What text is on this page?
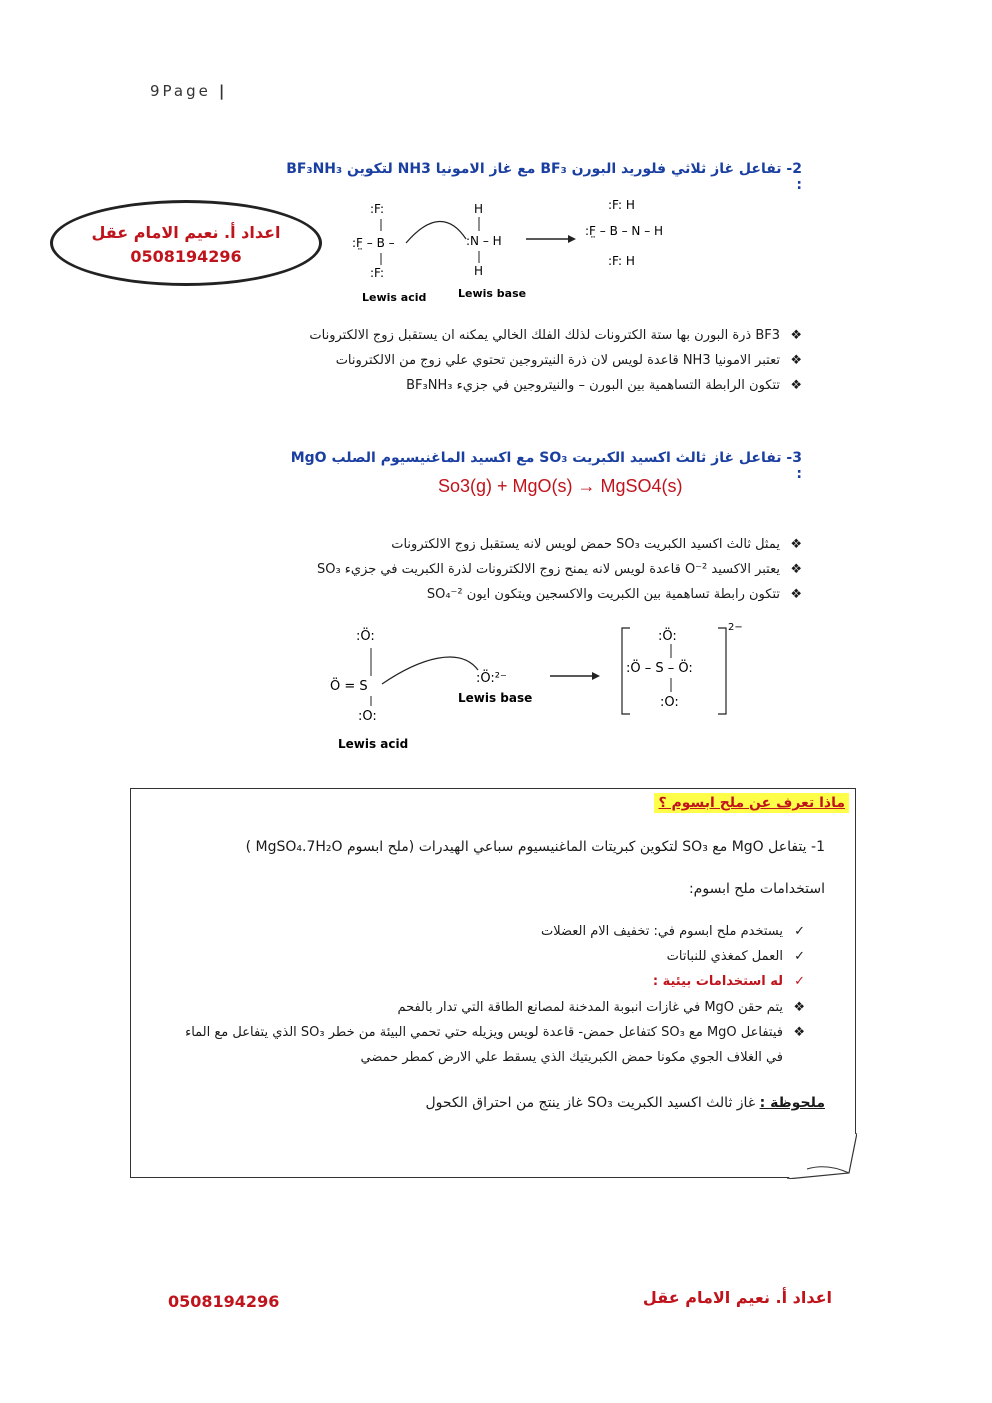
9Page |
اعداد أ. نعيم الامام عقل
0508194296
2- تفاعل غاز ثلاثي فلوريد البورن BF₃ مع غاز الامونيا NH3 لتكوين BF₃NH₃ :
:F:
:F̤ – B –
:F:
H
:N – H
H
:F: H
:F̤ – B – N – H
:F: H
Lewis acid	Lewis base
❖
BF3 ذرة البورن بها ستة الكترونات لذلك الفلك الخالي يمكنه ان يستقبل زوج الالكترونات
❖
تعتبر الامونيا NH3 قاعدة لويس لان ذرة النيتروجين تحتوي علي زوج من الالكترونات
❖
تتكون الرابطة التساهمية بين البورن – والنيتروجين في جزيء BF₃NH₃
3- تفاعل غاز ثالث اكسيد الكبريت SO₃ مع اكسيد الماغنيسيوم الصلب MgO :
So3(g) + MgO(s) → MgSO4(s)
❖
يمثل ثالث اكسيد الكبريت SO₃ حمض لويس لانه يستقبل زوج الالكترونات
❖
يعتبر الاكسيد O⁻² قاعدة لويس لانه يمنح زوج الالكترونات لذرة الكبريت في جزيء SO₃
❖
تتكون رابطة تساهمية بين الكبريت والاكسجين ويتكون ايون SO₄⁻²
:Ö:
Ö = S
:O:
:Ö:²⁻
:Ö:
:Ö – S – Ö:
:O:
2−
Lewis acid
Lewis base
ماذا تعرف عن ملح ابسوم ؟
1- يتفاعل MgO مع SO₃ لتكوين كبريتات الماغنيسيوم سباعي الهيدرات (ملح ابسوم MgSO₄.7H₂O )
استخدامات ملح ابسوم:
✓
يستخدم ملح ابسوم في: تخفيف الام العضلات
✓
العمل كمغذي للنباتات
✓
له استخدامات بيئية :
❖
يتم حقن MgO في غازات انبوبة المدخنة لمصانع الطاقة التي تدار بالفحم
❖
فيتفاعل MgO مع SO₃ كتفاعل حمض- قاعدة لويس ويزيله حتي تحمي البيئة من خطر SO₃ الذي يتفاعل مع الماء في الغلاف الجوي مكونا حمض الكبريتيك الذي يسقط علي الارض كمطر حمضي
ملحوظة : غاز ثالث اكسيد الكبريت SO₃ غاز ينتج من احتراق الكحول
0508194296	اعداد أ. نعيم الامام عقل
